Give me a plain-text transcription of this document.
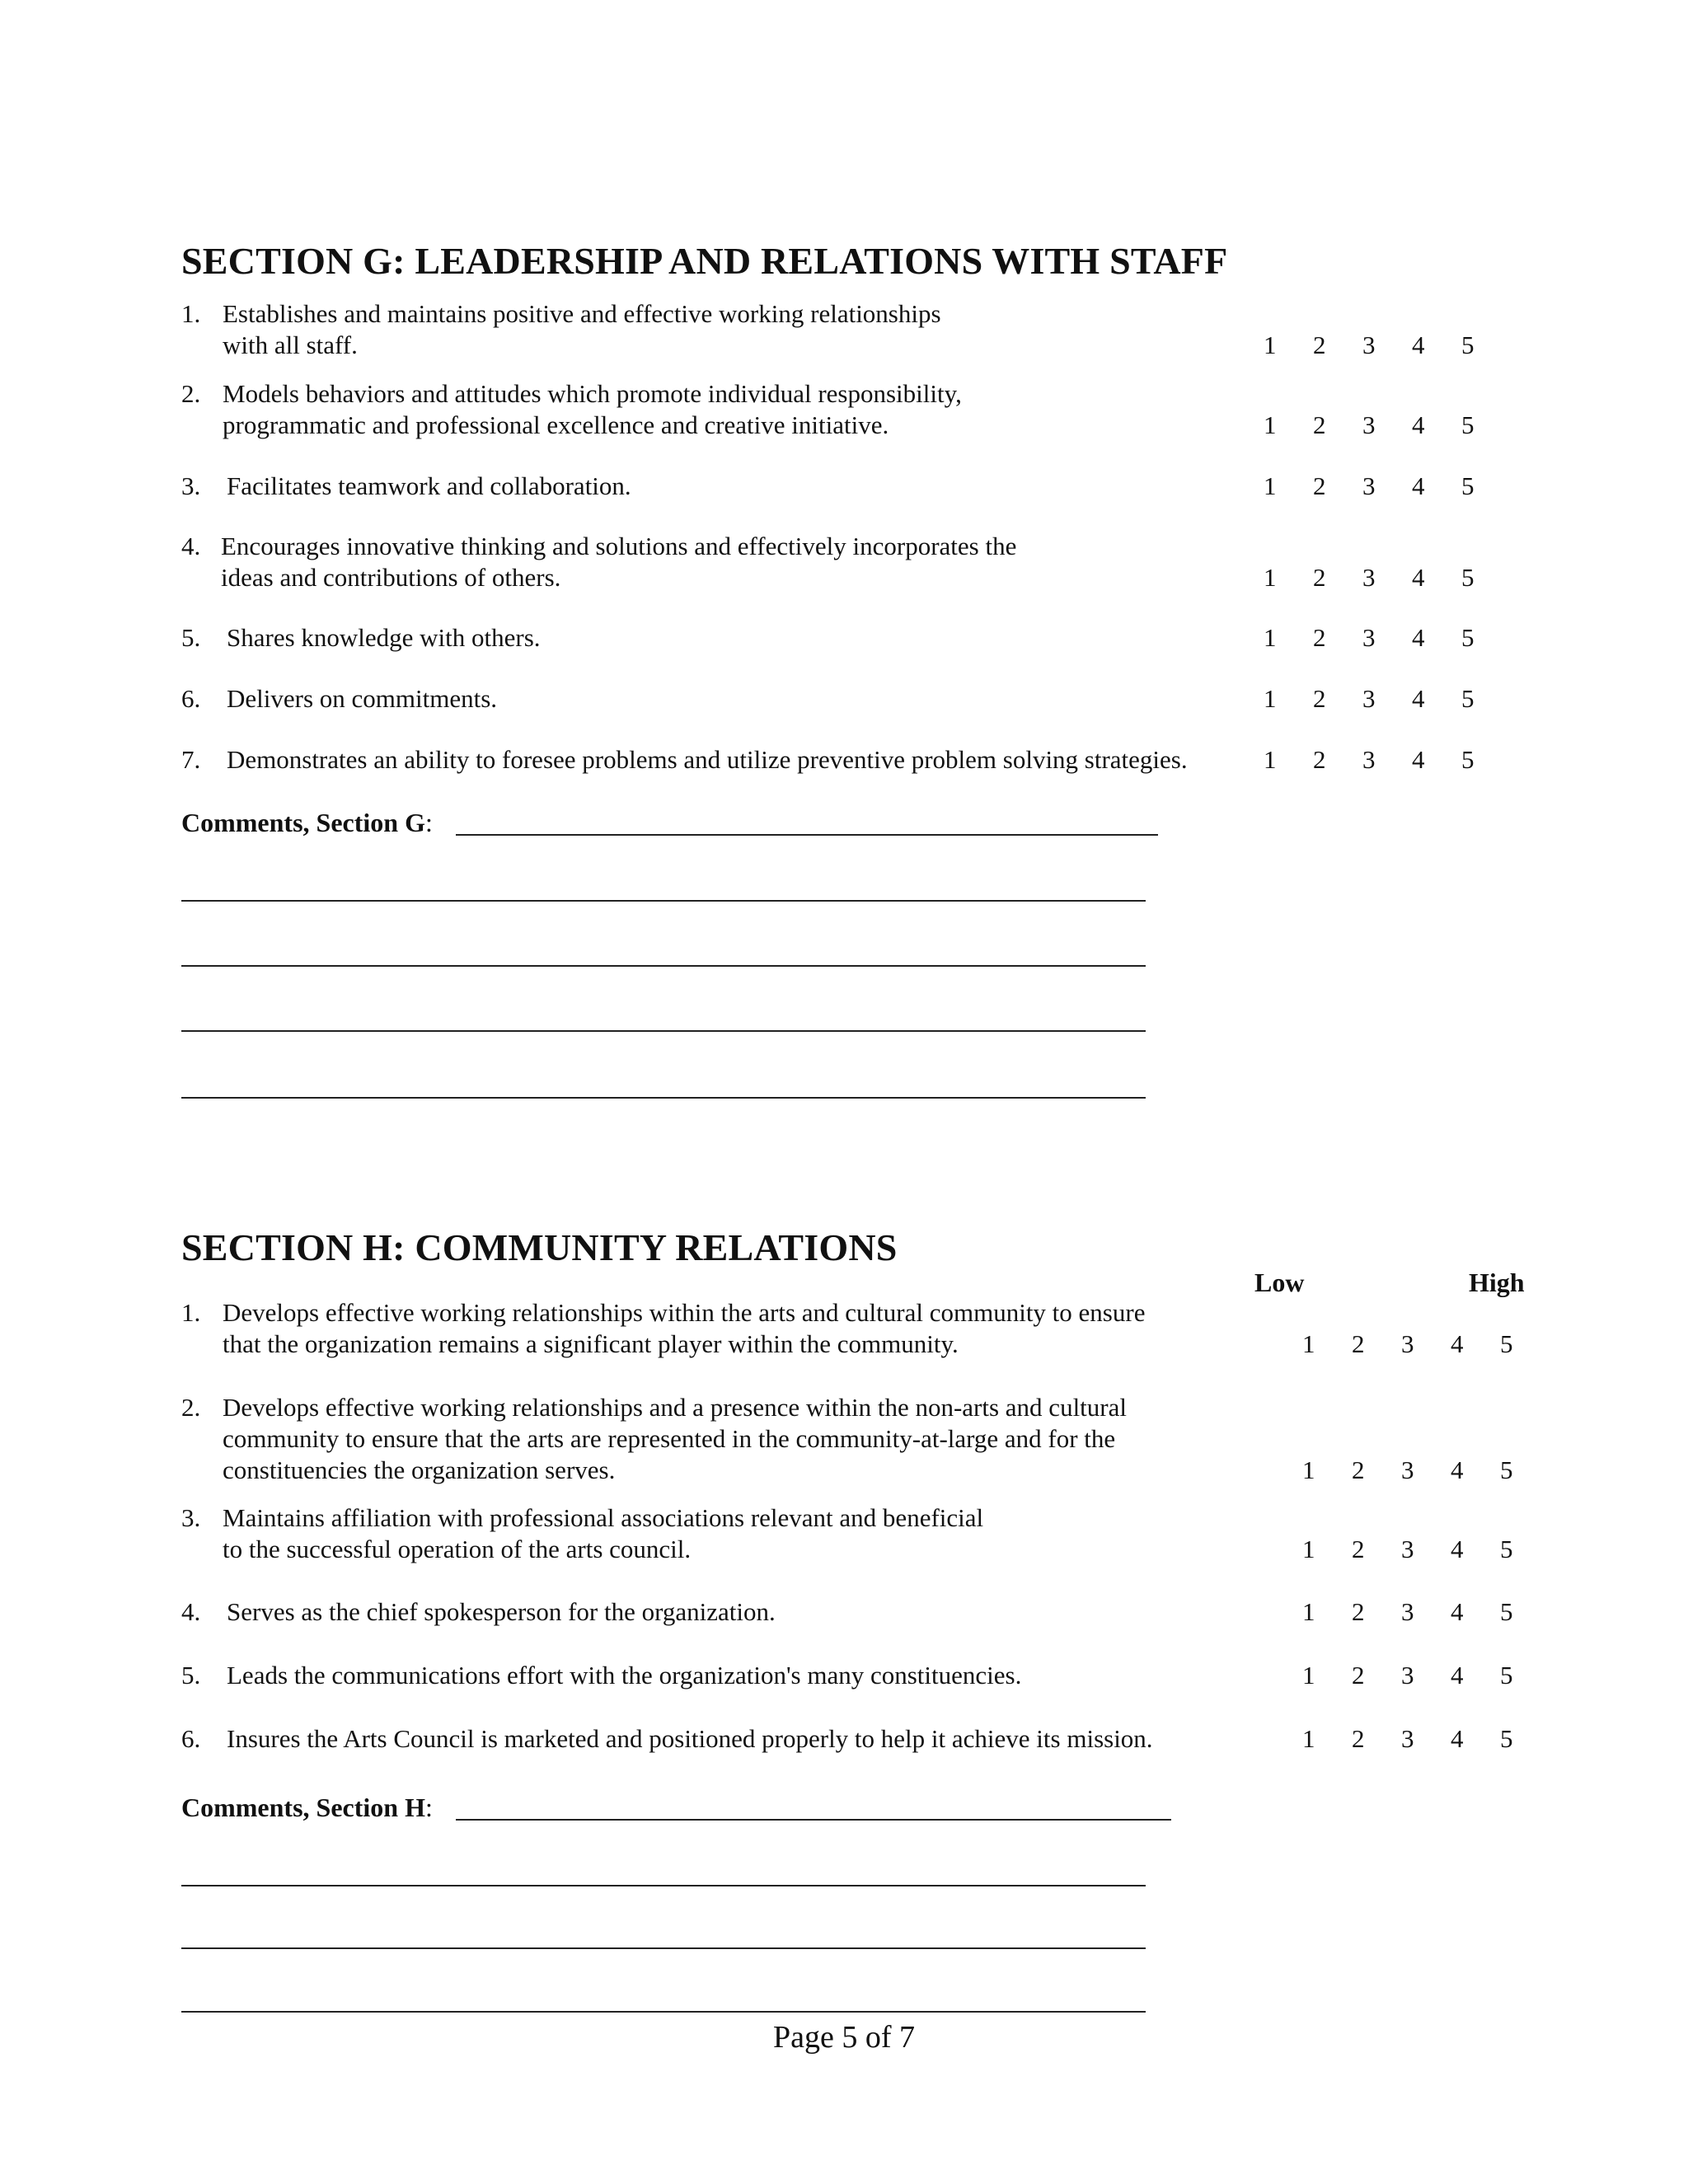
SECTION G: LEADERSHIP AND RELATIONS WITH STAFF
1. Establishes and maintains positive and effective working relationships
with all staff.	1	2	3	4	5
2. Models behaviors and attitudes which promote individual responsibility,
programmatic and professional excellence and creative initiative.	1	2	3	4	5
3. Facilitates teamwork and collaboration.	1	2	3	4	5
4. Encourages innovative thinking and solutions and effectively incorporates the
ideas and contributions of others.	1	2	3	4	5
5. Shares knowledge with others.	1	2	3	4	5
6. Delivers on commitments.	1	2	3	4	5
7. Demonstrates an ability to foresee problems and utilize preventive problem solving strategies.	1	2	3	4	5
Comments, Section G:
SECTION H: COMMUNITY RELATIONS
Low	High
1. Develops effective working relationships within the arts and cultural community to ensure
that the organization remains a significant player within the community.	1	2	3	4	5
2. Develops effective working relationships and a presence within the non-arts and cultural
community to ensure that the arts are represented in the community-at-large and for the
constituencies the organization serves.	1	2	3	4	5
3. Maintains affiliation with professional associations relevant and beneficial
to the successful operation of the arts council.	1	2	3	4	5
4. Serves as the chief spokesperson for the organization.	1	2	3	4	5
5. Leads the communications effort with the organization's many constituencies.	1	2	3	4	5
6. Insures the Arts Council is marketed and positioned properly to help it achieve its mission.	1	2	3	4	5
Comments, Section H:
Page 5 of 7
